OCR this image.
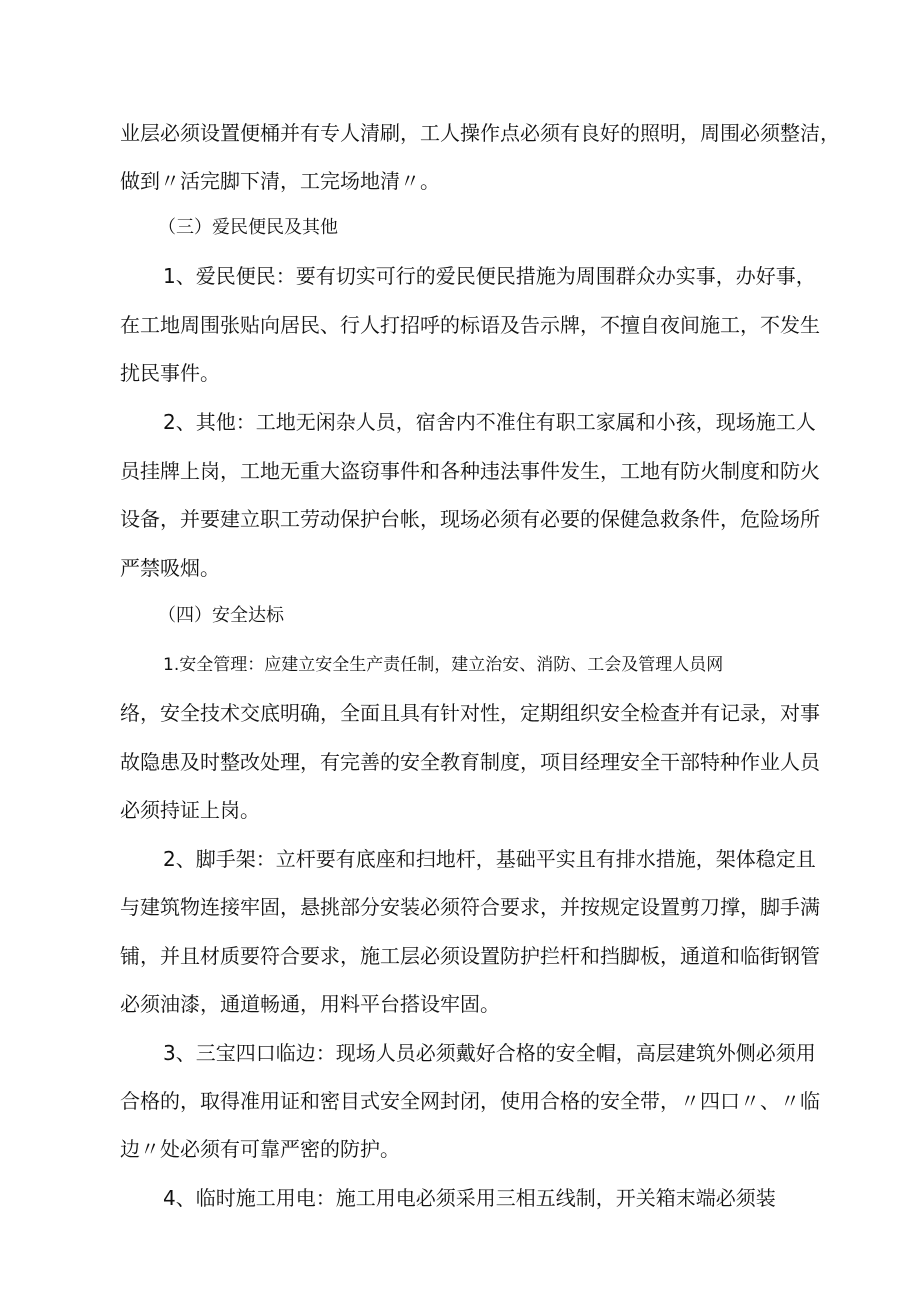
业层必须设置便桶并有专人清刷，工人操作点必须有良好的照明，周围必须整洁，
做到〃活完脚下清，工完场地清〃。
（三）爱民便民及其他
1、爱民便民：要有切实可行的爱民便民措施为周围群众办实事，办好事，
在工地周围张贴向居民、行人打招呼的标语及告示牌，不擅自夜间施工，不发生
扰民事件。
2、其他：工地无闲杂人员，宿舍内不准住有职工家属和小孩，现场施工人
员挂牌上岗，工地无重大盗窃事件和各种违法事件发生，工地有防火制度和防火
设备，并要建立职工劳动保护台帐，现场必须有必要的保健急救条件，危险场所
严禁吸烟。
（四）安全达标
1.安全管理：应建立安全生产责任制，建立治安、消防、工会及管理人员网
络，安全技术交底明确，全面且具有针对性，定期组织安全检查并有记录，对事
故隐患及时整改处理，有完善的安全教育制度，项目经理安全干部特种作业人员
必须持证上岗。
2、脚手架：立杆要有底座和扫地杆，基础平实且有排水措施，架体稳定且
与建筑物连接牢固，悬挑部分安装必须符合要求，并按规定设置剪刀撑，脚手满
铺，并且材质要符合要求，施工层必须设置防护拦杆和挡脚板，通道和临街钢管
必须油漆，通道畅通，用料平台搭设牢固。
3、三宝四口临边：现场人员必须戴好合格的安全帽，高层建筑外侧必须用
合格的，取得准用证和密目式安全网封闭，使用合格的安全带，〃四口〃、〃临
边〃处必须有可靠严密的防护。
4、临时施工用电：施工用电必须采用三相五线制，开关箱末端必须装
